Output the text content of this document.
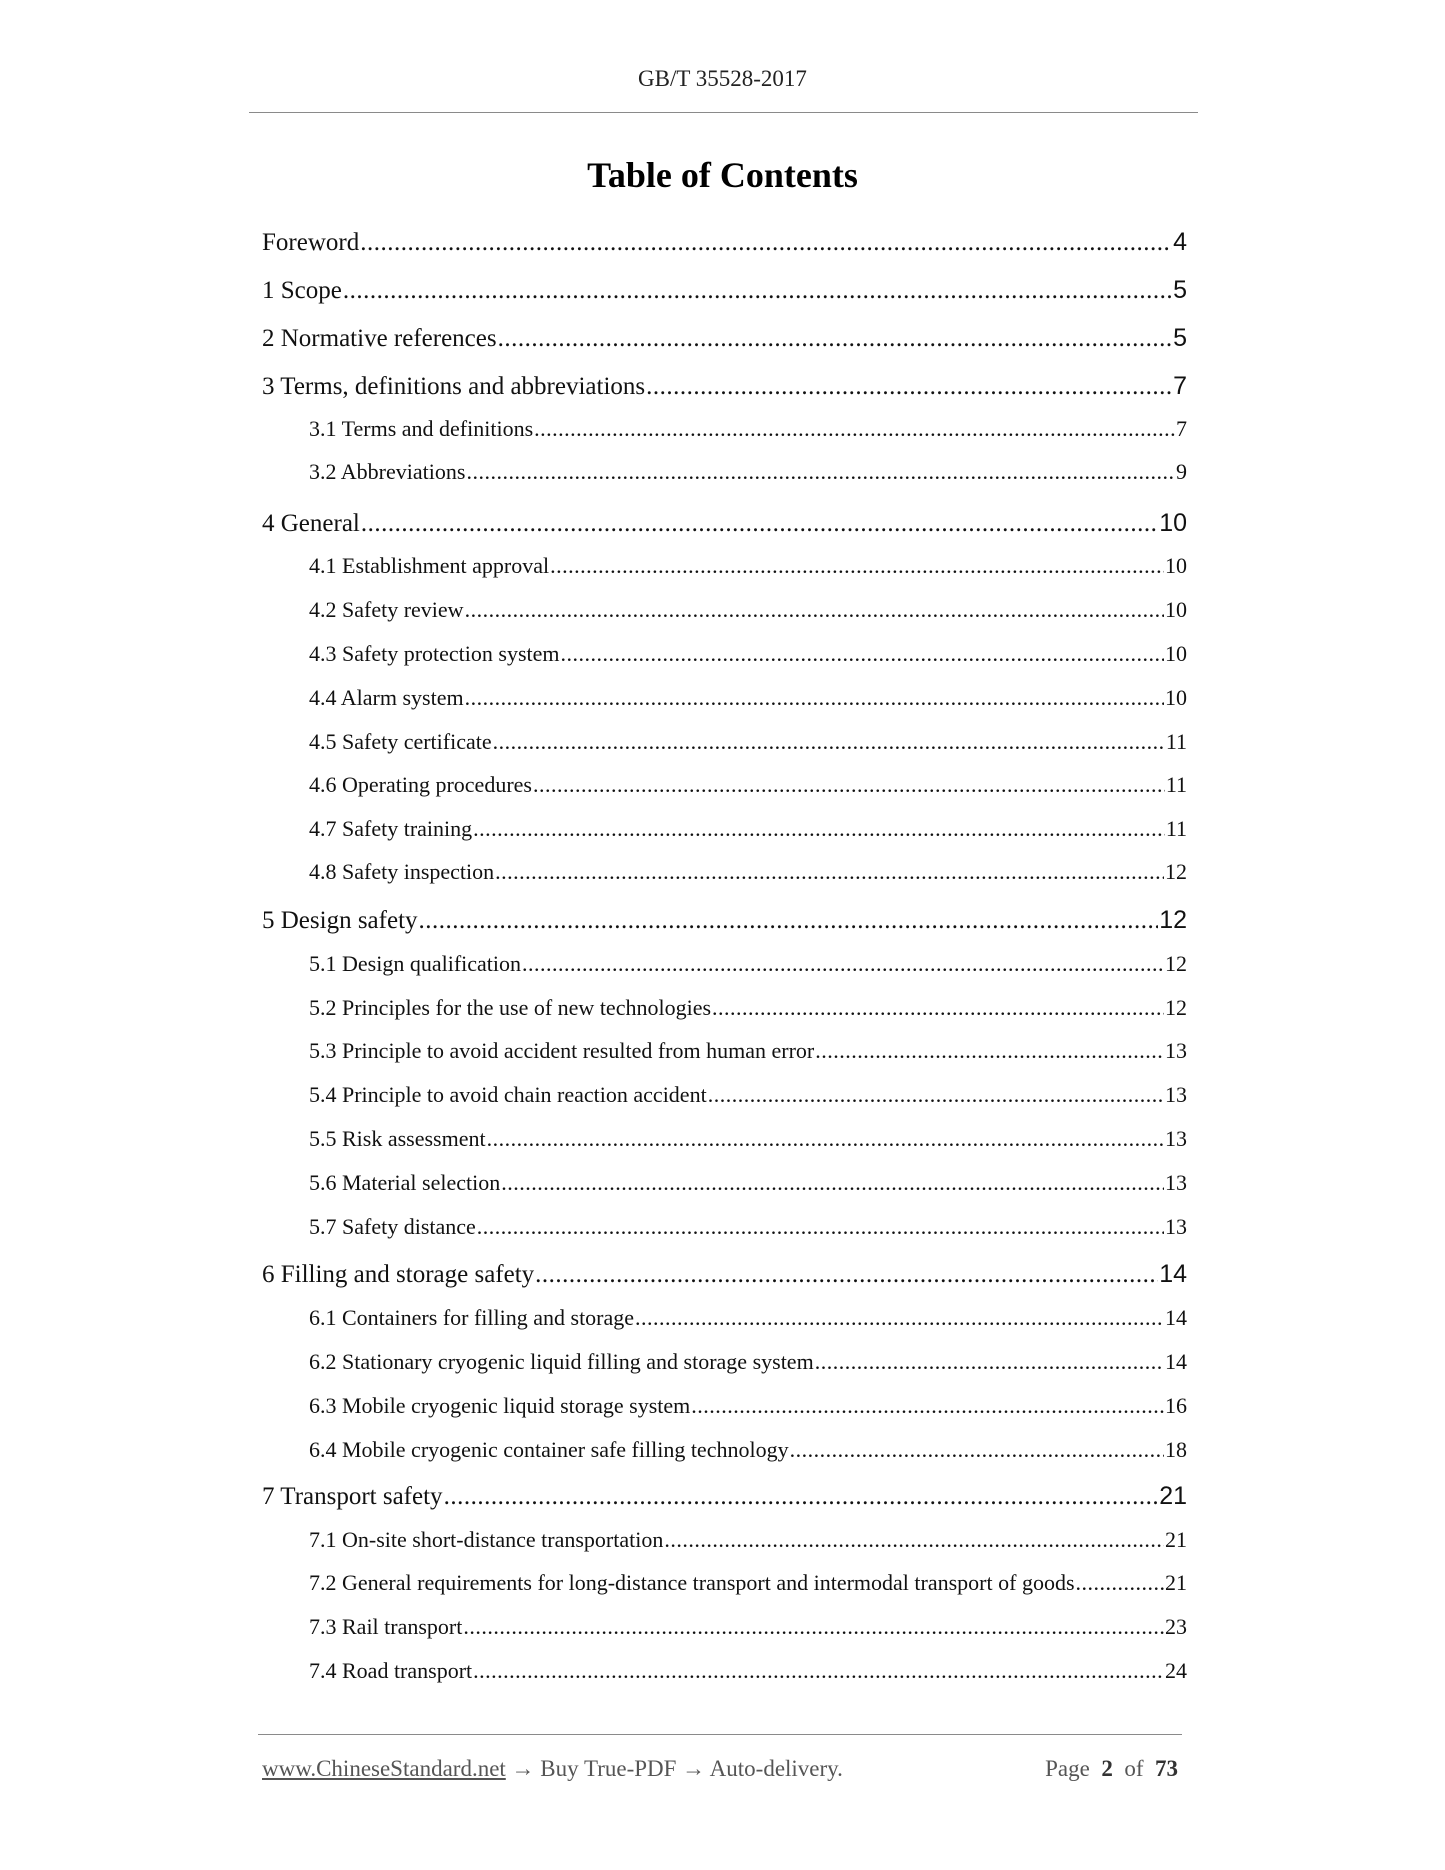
GB/T 35528-2017
Table of Contents
Foreword .....	4
1 Scope .....	5
2 Normative references .....	5
3 Terms, definitions and abbreviations .....	7
3.1 Terms and definitions .....	7
3.2 Abbreviations .....	9
4 General .....	10
4.1 Establishment approval .....	10
4.2 Safety review .....	10
4.3 Safety protection system .....	10
4.4 Alarm system .....	10
4.5 Safety certificate .....	11
4.6 Operating procedures .....	11
4.7 Safety training .....	11
4.8 Safety inspection .....	12
5 Design safety .....	12
5.1 Design qualification .....	12
5.2 Principles for the use of new technologies .....	12
5.3 Principle to avoid accident resulted from human error .....	13
5.4 Principle to avoid chain reaction accident .....	13
5.5 Risk assessment .....	13
5.6 Material selection .....	13
5.7 Safety distance .....	13
6 Filling and storage safety .....	14
6.1 Containers for filling and storage .....	14
6.2 Stationary cryogenic liquid filling and storage system .....	14
6.3 Mobile cryogenic liquid storage system .....	16
6.4 Mobile cryogenic container safe filling technology .....	18
7 Transport safety .....	21
7.1 On-site short-distance transportation .....	21
7.2 General requirements for long-distance transport and intermodal transport of goods .....	21
7.3 Rail transport .....	23
7.4 Road transport .....	24
www.ChineseStandard.net → Buy True-PDF → Auto-delivery.	Page 2 of 73
